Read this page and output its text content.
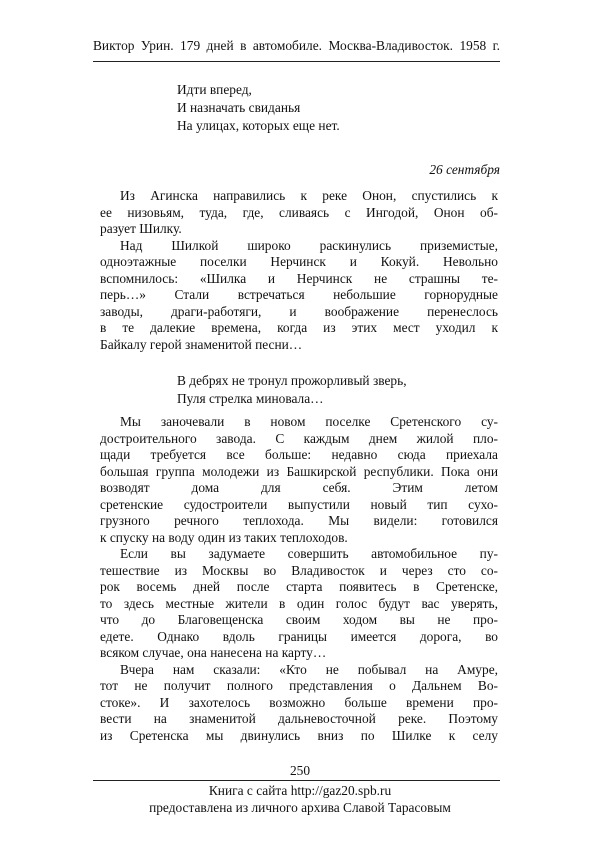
Виктор Урин. 179 дней в автомобиле. Москва-Владивосток. 1958 г.
Идти вперед,
И назначать свиданья
На улицах, которых еще нет.
26 сентября
Из Агинска направились к реке Онон, спустились к
ее низовьям, туда, где, сливаясь с Ингодой, Онон об-
разует Шилку.
Над Шилкой широко раскинулись приземистые,
одноэтажные поселки Нерчинск и Кокуй. Невольно
вспомнилось: «Шилка и Нерчинск не страшны те-
перь…» Стали встречаться небольшие горнорудные
заводы, драги-работяги, и воображение перенеслось
в те далекие времена, когда из этих мест уходил к
Байкалу герой знаменитой песни…
В дебрях не тронул прожорливый зверь,
Пуля стрелка миновала…
Мы заночевали в новом поселке Сретенского су-
достроительного завода. С каждым днем жилой пло-
щади требуется все больше: недавно сюда приехала
большая группа молодежи из Башкирской республики. Пока они
возводят дома для себя. Этим летом
сретенские судостроители выпустили новый тип сухо-
грузного речного теплохода. Мы видели: готовился
к спуску на воду один из таких теплоходов.
Если вы задумаете совершить автомобильное пу-
тешествие из Москвы во Владивосток и через сто со-
рок восемь дней после старта появитесь в Сретенске,
то здесь местные жители в один голос будут вас уверять,
что до Благовещенска своим ходом вы не про-
едете. Однако вдоль границы имеется дорога, во
всяком случае, она нанесена на карту…
Вчера нам сказали: «Кто не побывал на Амуре,
тот не получит полного представления о Дальнем Во-
стоке». И захотелось возможно больше времени про-
вести на знаменитой дальневосточной реке. Поэтому
из Сретенска мы двинулись вниз по Шилке к селу
250
Книга с сайта http://gaz20.spb.ru
предоставлена из личного архива Славой Тарасовым
